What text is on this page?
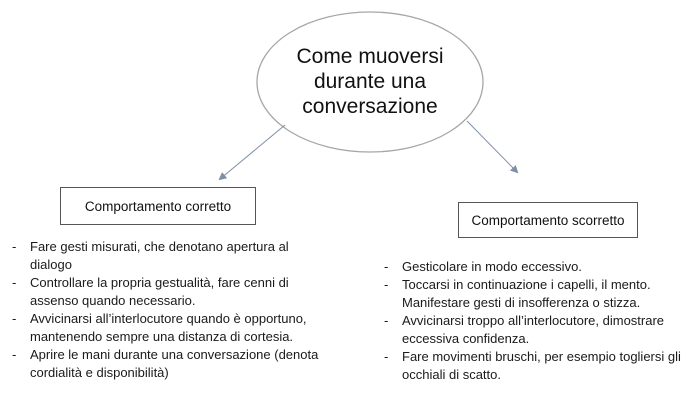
Come muoversi
durante una
conversazione
Comportamento corretto
Comportamento scorretto
- Fare gesti misurati, che denotano apertura al dialogo
- Controllare la propria gestualità, fare cenni di assenso quando necessario.
- Avvicinarsi all’interlocutore quando è opportuno, mantenendo sempre una distanza di cortesia.
- Aprire le mani durante una conversazione (denota cordialità e disponibilità)
- Gesticolare in modo eccessivo.
- Toccarsi in continuazione i capelli, il mento. Manifestare gesti di insofferenza o stizza.
- Avvicinarsi troppo all’interlocutore, dimostrare eccessiva confidenza.
- Fare movimenti bruschi, per esempio togliersi gli occhiali di scatto.
